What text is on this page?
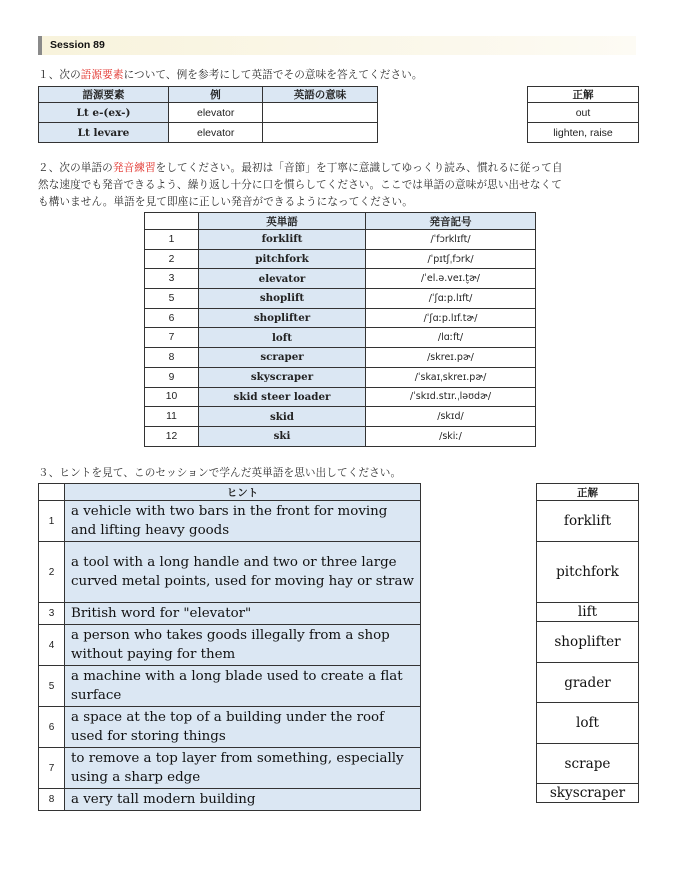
Session 89
１、次の語源要素について、例を参考にして英語でその意味を答えてください。
語源要素	例	英語の意味
Lt e-(ex-)	elevator	
Lt levare	elevator	
正解
out
lighten, raise
２、次の単語の発音練習をしてください。最初は「音節」を丁寧に意識してゆっくり読み、慣れるに従って自
然な速度でも発音できるよう、繰り返し十分に口を慣らしてください。ここでは単語の意味が思い出せなくて
も構いません。単語を見て即座に正しい発音ができるようになってください。
	英単語	発音記号
1	forklift	/ˈfɔrklɪft/
2	pitchfork	/ˈpɪtʃˌfɔrk/
3	elevator	/ˈel.ə.veɪ.t̬ɚ/
5	shoplift	/ˈʃɑːp.lɪft/
6	shoplifter	/ˈʃɑːp.lɪf.tɚ/
7	loft	/lɑːft/
8	scraper	/skreɪ.pɚ/
9	skyscraper	/ˈskaɪˌskreɪ.pɚ/
10	skid steer loader	/ˈskɪd.stɪr.ˌləʊdɚ/
11	skid	/skɪd/
12	ski	/skiː/
３、ヒントを見て、このセッションで学んだ英単語を思い出してください。
	ヒント
1	a vehicle with two bars in the front for moving and lifting heavy goods
2	a tool with a long handle and two or three large curved metal points, used for moving hay or straw
3	British word for "elevator"
4	a person who takes goods illegally from a shop without paying for them
5	a machine with a long blade used to create a flat surface
6	a space at the top of a building under the roof used for storing things
7	to remove a top layer from something, especially using a sharp edge
8	a very tall modern building
正解
forklift
pitchfork
lift
shoplifter
grader
loft
scrape
skyscraper
